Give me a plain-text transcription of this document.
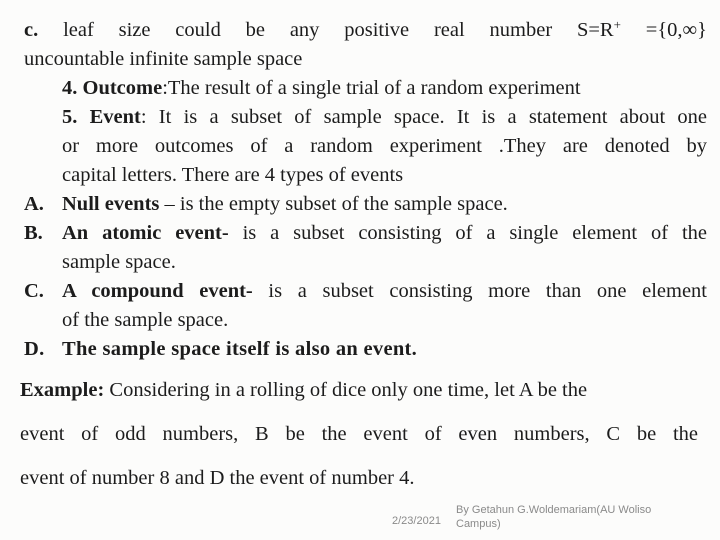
c. leaf size could be any positive real number S=R+ ={0,∞}
uncountable infinite sample space
4. Outcome:The result of a single trial of a random experiment
5. Event: It is a subset of sample space. It is a statement about one
or more outcomes of a random experiment .They are denoted by
capital letters. There are 4 types of events
A. Null events – is the empty subset of the sample space.
B. An atomic event- is a subset consisting of a single element of the
sample space.
C. A compound event- is a subset consisting more than one element
of the sample space.
D. The sample space itself is also an event.
Example: Considering in a rolling of dice only one time, let A be the
event of odd numbers, B be the event of even numbers, C be the
event of number 8 and D the event of number 4.
2/23/2021
By Getahun G.Woldemariam(AU Woliso Campus)
